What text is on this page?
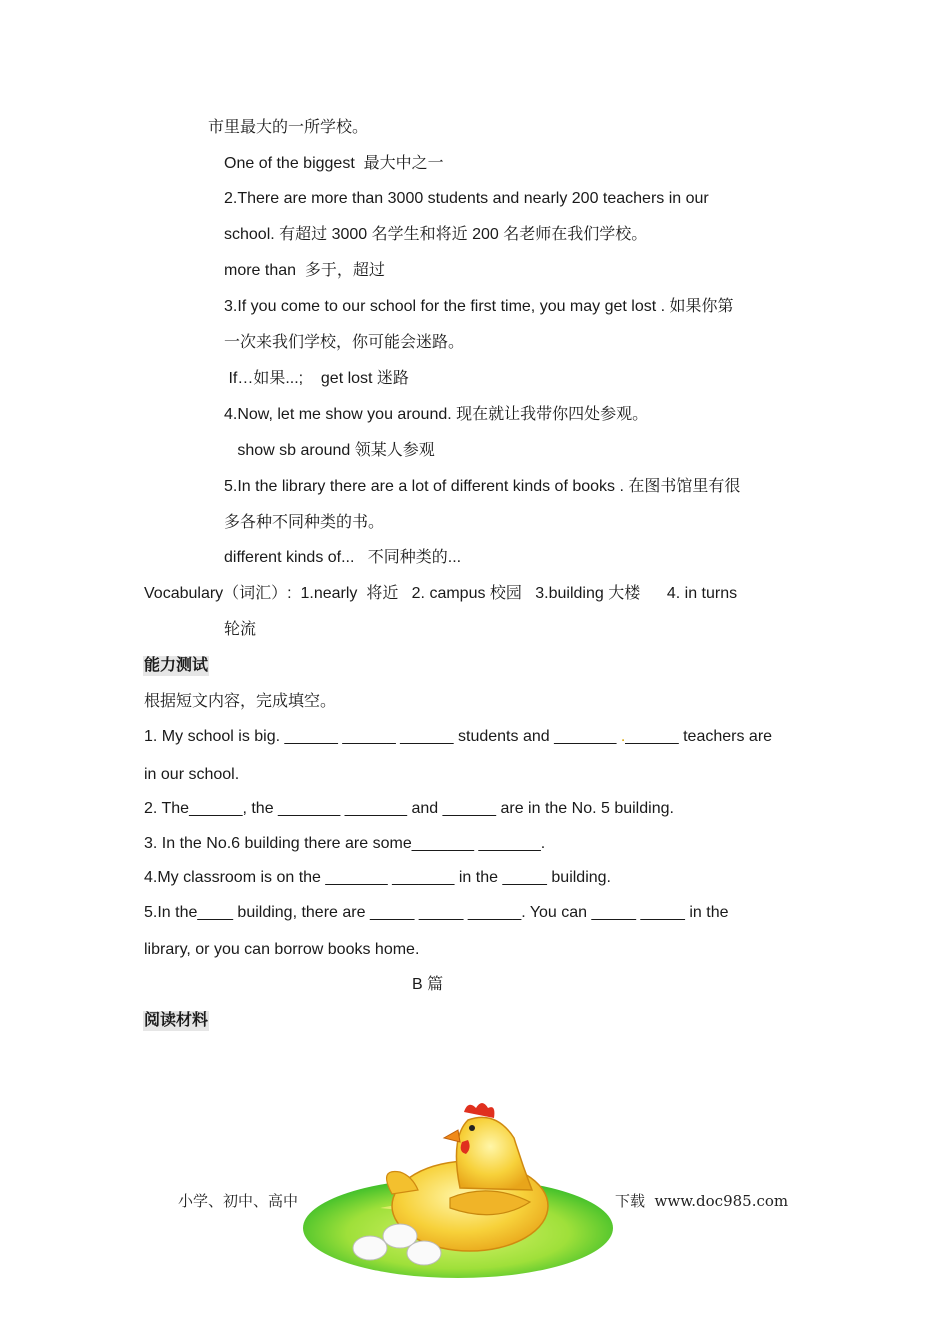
市里最大的一所学校。
One of the biggest  最大中之一
2.There are more than 3000 students and nearly 200 teachers in our
school. 有超过 3000 名学生和将近 200 名老师在我们学校。
more than  多于，超过
3.If you come to our school for the first time, you may get lost . 如果你第
一次来我们学校，你可能会迷路。
If…如果...;    get lost 迷路
4.Now, let me show you around. 现在就让我带你四处参观。
show sb around 领某人参观
5.In the library there are a lot of different kinds of books . 在图书馆里有很
多各种不同种类的书。
different kinds of...   不同种类的...
Vocabulary（词汇）:  1.nearly  将近   2. campus 校园   3.building 大楼      4. in turns
轮流
能力测试
根据短文内容，完成填空。
1. My school is big. ______ ______ ______ students and _______ .______ teachers are
in our school.
2. The______, the _______ _______ and ______ are in the No. 5 building.
3. In the No.6 building there are some_______ _______.
4.My classroom is on the _______ _______ in the _____ building.
5.In the____ building, there are _____ _____ ______. You can _____ _____ in the
library, or you can borrow books home.
B 篇
阅读材料
小学、初中、高中	下载  www.doc985.com
